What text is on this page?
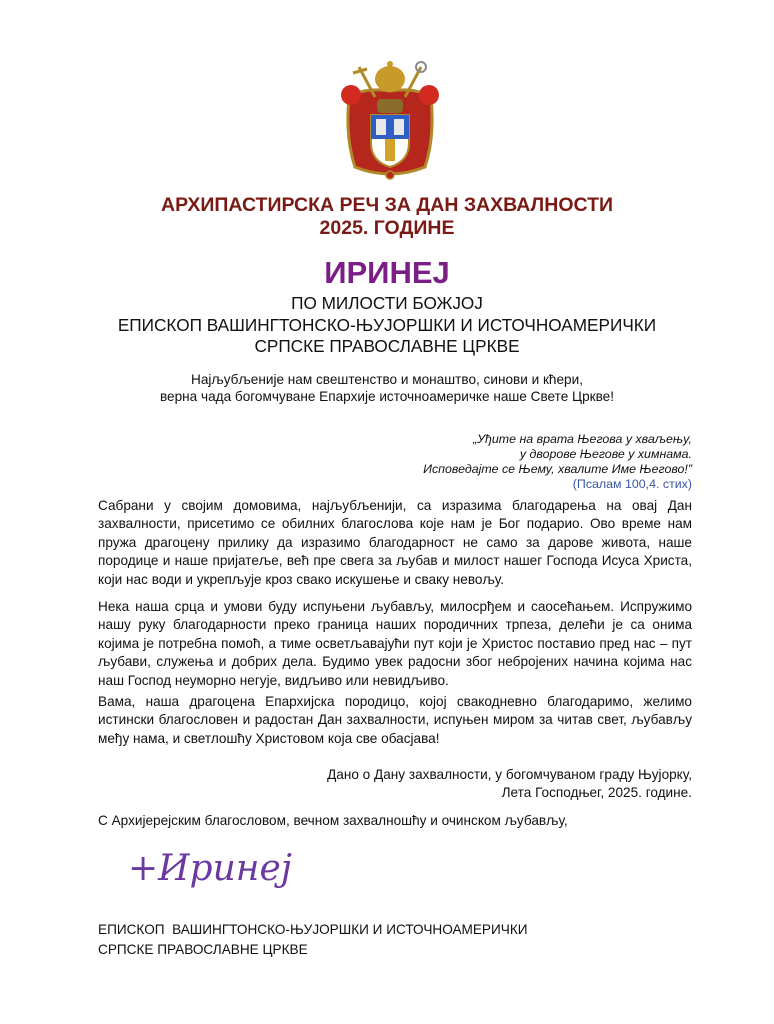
АРХИПАСТИРСКА РЕЧ ЗА ДАН ЗАХВАЛНОСТИ
2025. ГОДИНЕ
ИРИНЕЈ
ПО МИЛОСТИ БОЖЈОЈ
ЕПИСКОП ВАШИНГТОНСКО-ЊУЈОРШКИ И ИСТОЧНОАМЕРИЧКИ
СРПСКЕ ПРАВОСЛАВНЕ ЦРКВЕ
Најљубљеније нам свештенство и монаштво, синови и кћери,
верна чада богомчуване Епархије источноамеричке наше Свете Цркве!
„Уђите на врата Његова у хваљењу,
у дворове Његове у химнама.
Исповедајте се Њему, хвалите Име Његово!”
(Псалам 100,4. стих)
Сабрани у својим домовима, најљубљенији, са изразима благодарења на овај Дан захвалности, присетимо се обилних благослова које нам је Бог подарио. Ово време нам пружа драгоцену прилику да изразимо благодарност не само за дарове живота, наше породице и наше пријатеље, већ пре свега за љубав и милост нашег Господа Исуса Христа, који нас води и укрепљује кроз свако искушење и сваку невољу.
Нека наша срца и умови буду испуњени љубављу, милосрђем и саосећањем. Испружимо нашу руку благодарности преко граница наших породичних трпеза, делећи је са онима којима је потребна помоћ, а тиме осветљавајући пут који је Христос поставио пред нас – пут љубави, служења и добрих дела. Будимо увек радосни због небројених начина којима нас наш Господ неуморно негује, видљиво или невидљиво.
Вама, наша драгоцена Епархијска породицо, којој свакодневно благодаримо, желимо истински благословен и радостан Дан захвалности, испуњен миром за читав свет, љубављу међу нама, и светлошћу Христовом која све обасјава!
Дано о Дану захвалности, у богомчуваном граду Њујорку,
Лета Господњег, 2025. године.
С Архијерејским благословом, вечном захвалношћу и очинском љубављу,
+Иринеј
ЕПИСКОП  ВАШИНГТОНСКО-ЊУЈОРШКИ И ИСТОЧНОАМЕРИЧКИ
СРПСКЕ ПРАВОСЛАВНЕ ЦРКВЕ
